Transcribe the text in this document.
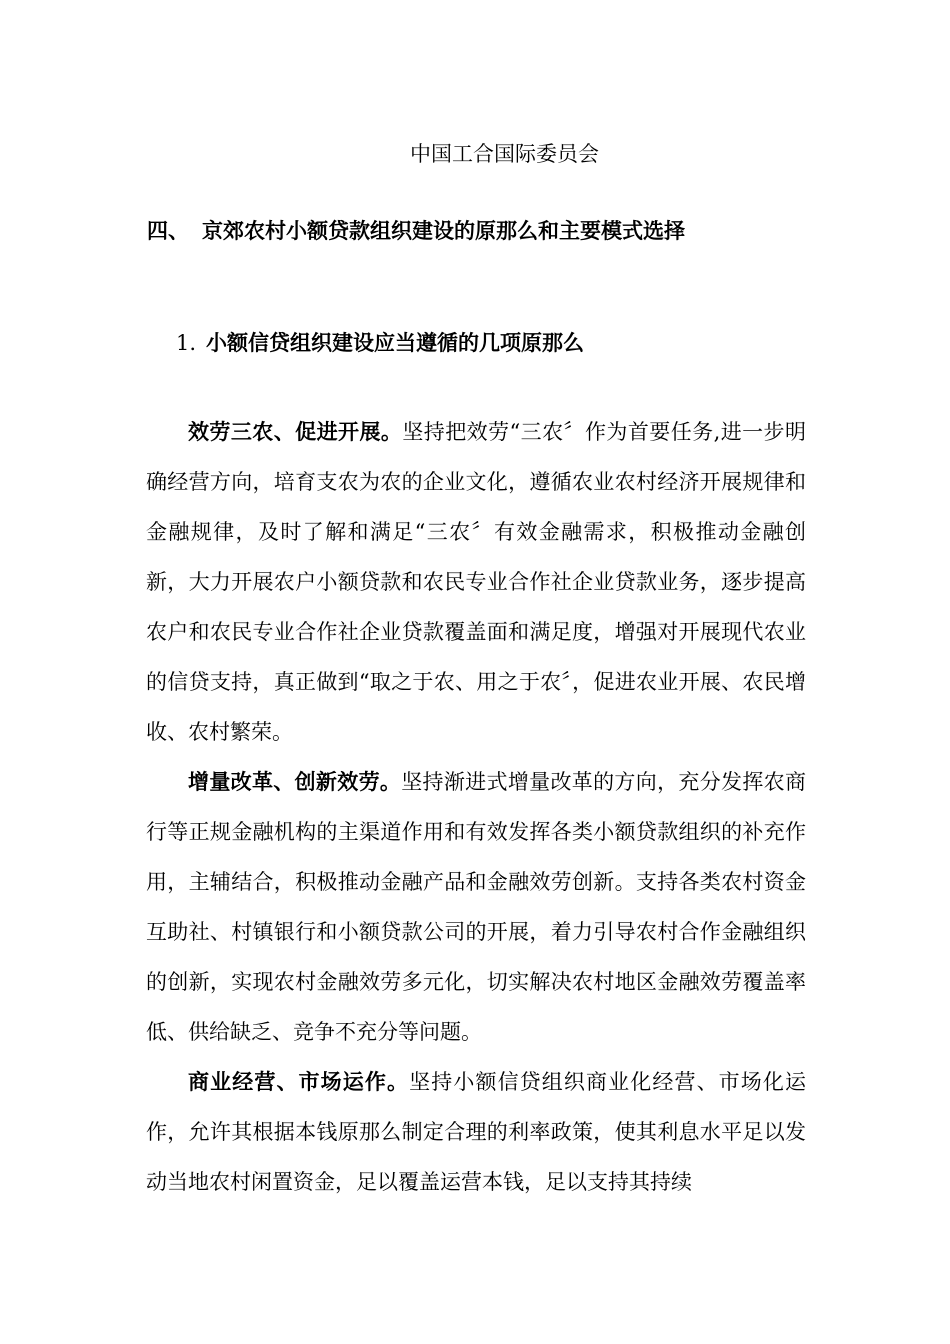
中国工合国际委员会
四、 京郊农村小额贷款组织建设的原那么和主要模式选择
1. 小额信贷组织建设应当遵循的几项原那么

效劳三农、促进开展。坚持把效劳“三农〞作为首要任务,进一步明确经营方向，培育支农为农的企业文化，遵循农业农村经济开展规律和金融规律，及时了解和满足“三农〞有效金融需求，积极推动金融创新，大力开展农户小额贷款和农民专业合作社企业贷款业务，逐步提高农户和农民专业合作社企业贷款覆盖面和满足度，增强对开展现代农业的信贷支持，真正做到“取之于农、用之于农〞，促进农业开展、农民增收、农村繁荣。

增量改革、创新效劳。坚持渐进式增量改革的方向，充分发挥农商行等正规金融机构的主渠道作用和有效发挥各类小额贷款组织的补充作用，主辅结合，积极推动金融产品和金融效劳创新。支持各类农村资金互助社、村镇银行和小额贷款公司的开展，着力引导农村合作金融组织的创新，实现农村金融效劳多元化，切实解决农村地区金融效劳覆盖率低、供给缺乏、竞争不充分等问题。

商业经营、市场运作。坚持小额信贷组织商业化经营、市场化运作，允许其根据本钱原那么制定合理的利率政策，使其利息水平足以发动当地农村闲置资金，足以覆盖运营本钱，足以支持其持续
